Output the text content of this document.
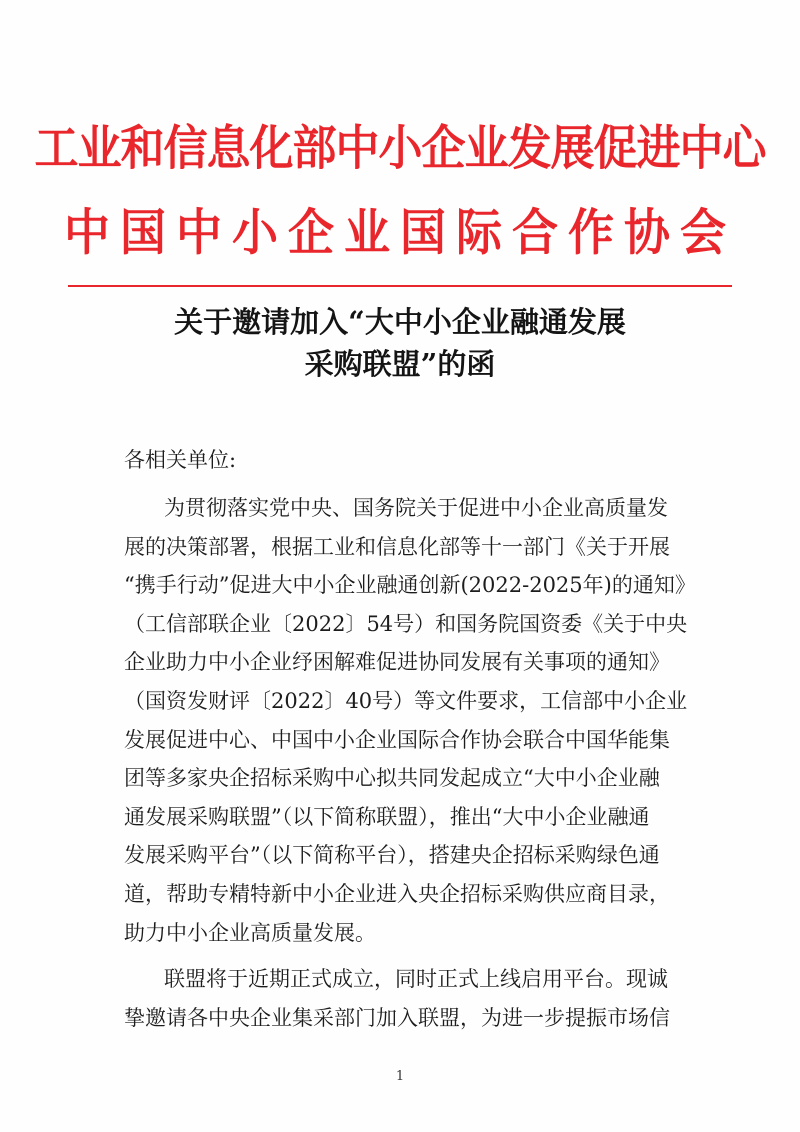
工业和信息化部中小企业发展促进中心
中国中小企业国际合作协会
关于邀请加入“大中小企业融通发展
采购联盟”的函
各相关单位:
为贯彻落实党中央、国务院关于促进中小企业高质量发
展的决策部署，根据工业和信息化部等十一部门《关于开展
“携手行动”促进大中小企业融通创新(2022-2025年)的通知》
（工信部联企业〔2022〕54号）和国务院国资委《关于中央
企业助力中小企业纾困解难促进协同发展有关事项的通知》
（国资发财评〔2022〕40号）等文件要求，工信部中小企业
发展促进中心、中国中小企业国际合作协会联合中国华能集
团等多家央企招标采购中心拟共同发起成立“大中小企业融
通发展采购联盟”（以下简称联盟），推出“大中小企业融通
发展采购平台”（以下简称平台），搭建央企招标采购绿色通
道，帮助专精特新中小企业进入央企招标采购供应商目录，
助力中小企业高质量发展。
联盟将于近期正式成立，同时正式上线启用平台。现诚
挚邀请各中央企业集采部门加入联盟，为进一步提振市场信
1
